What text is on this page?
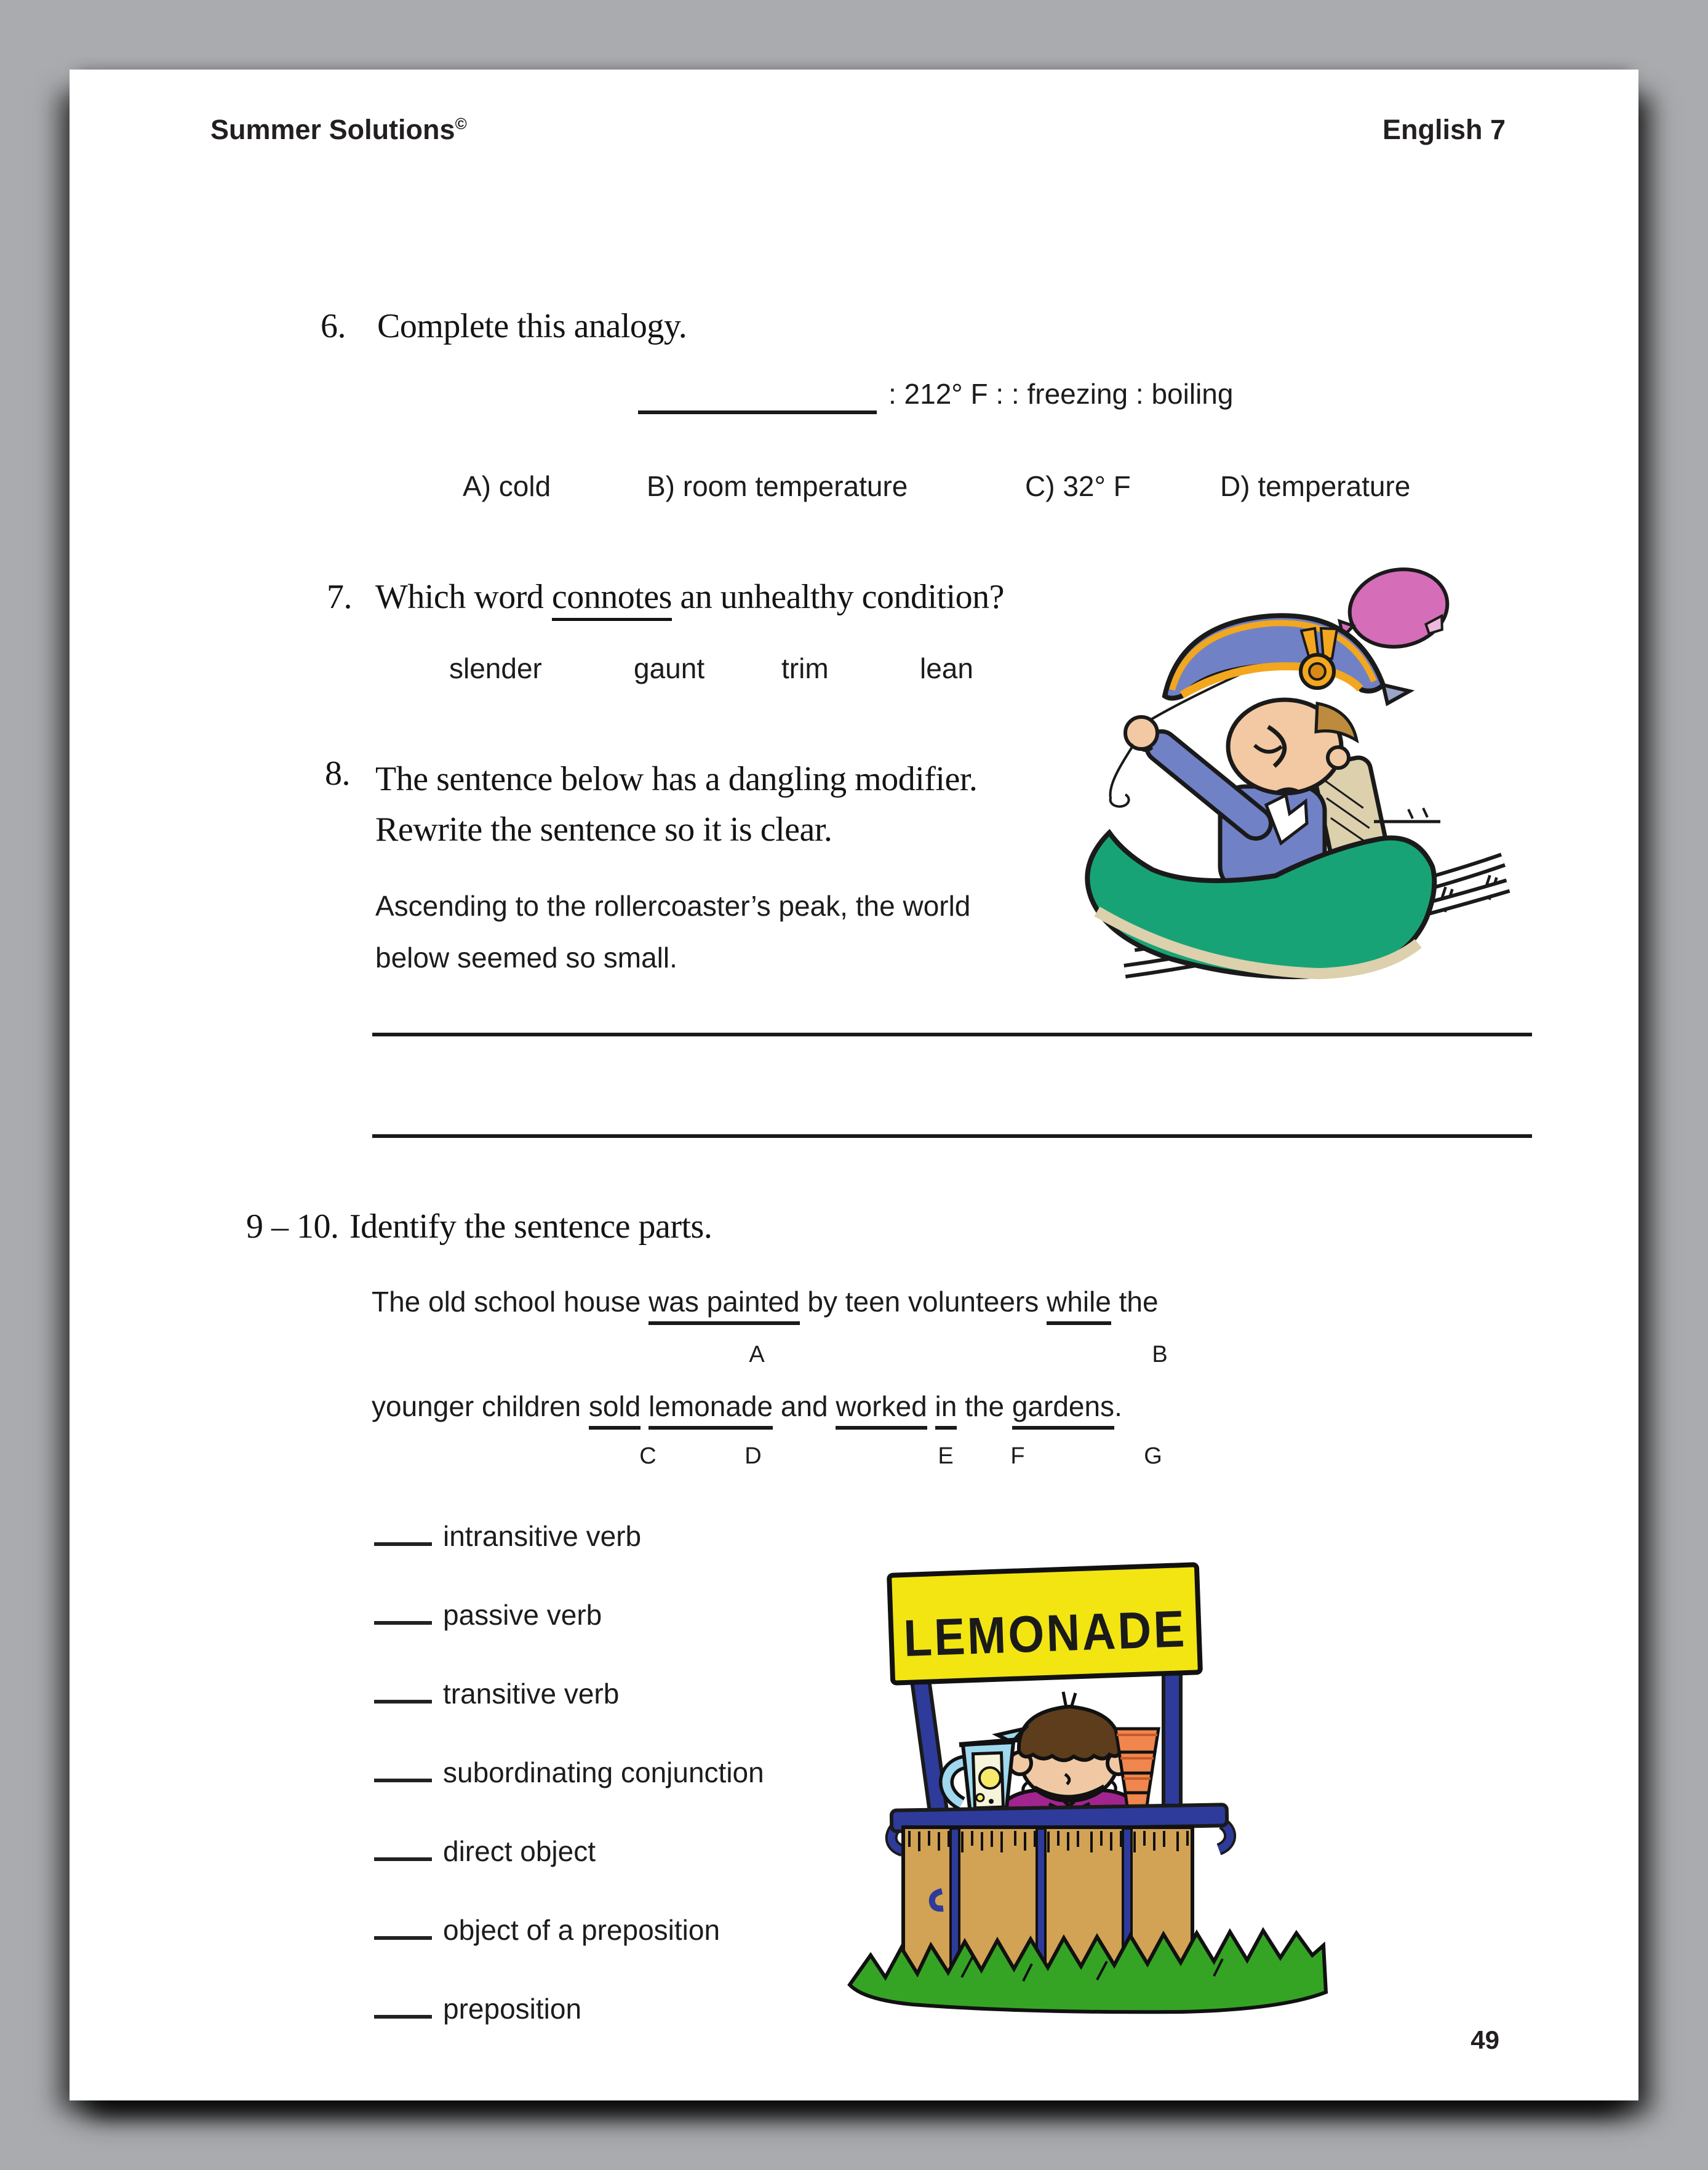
Summer Solutions©	English 7
6. Complete this analogy.
: 212° F : : freezing : boiling
A) cold	B) room temperature	C) 32° F	D) temperature
7. Which word connotes an unhealthy condition?
slender	gaunt	trim	lean
8. The sentence below has a dangling modifier.
Rewrite the sentence so it is clear.
Ascending to the rollercoaster’s peak, the world
below seemed so small.
9 – 10. Identify the sentence parts.
The old school house was painted by teen volunteers while the
A	B
younger children sold lemonade and worked in the gardens.
C	D	E F	G
intransitive verb
passive verb
transitive verb
subordinating conjunction
direct object
object of a preposition
preposition
LEMONADE
49
